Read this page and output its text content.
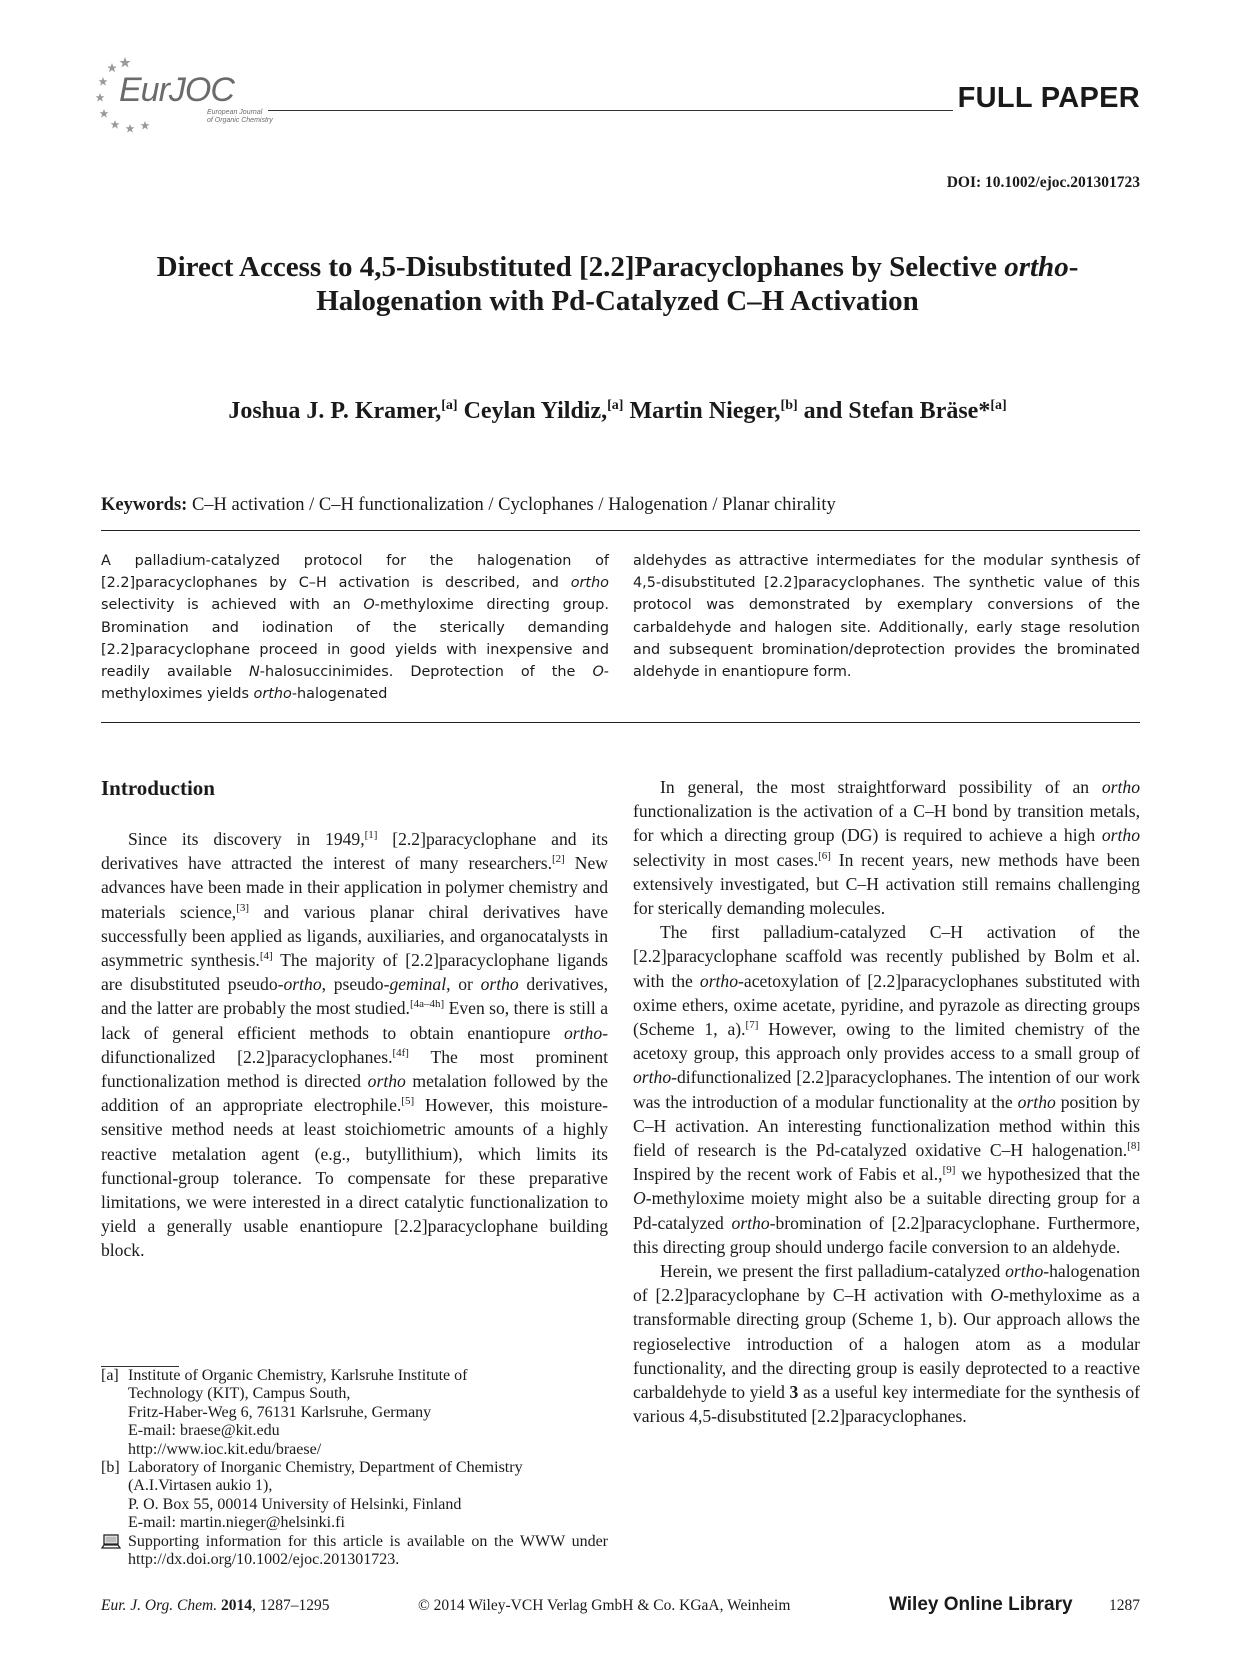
EurJOC
European Journal
of Organic Chemistry
FULL PAPER
DOI: 10.1002/ejoc.201301723
Direct Access to 4,5-Disubstituted [2.2]Paracyclophanes by Selective ortho-Halogenation with Pd-Catalyzed C–H Activation
Joshua J. P. Kramer,[a] Ceylan Yildiz,[a] Martin Nieger,[b] and Stefan Bräse*[a]
Keywords: C–H activation / C–H functionalization / Cyclophanes / Halogenation / Planar chirality

A palladium-catalyzed protocol for the halogenation of [2.2]paracyclophanes by C–H activation is described, and ortho selectivity is achieved with an O-methyloxime directing group. Bromination and iodination of the sterically demanding [2.2]paracyclophane proceed in good yields with inexpensive and readily available N-halosuccinimides. Deprotection of the O-methyloximes yields ortho-halogenated

aldehydes as attractive intermediates for the modular synthesis of 4,5-disubstituted [2.2]paracyclophanes. The synthetic value of this protocol was demonstrated by exemplary conversions of the carbaldehyde and halogen site. Additionally, early stage resolution and subsequent bromination/deprotection provides the brominated aldehyde in enantiopure form.

Introduction

Since its discovery in 1949,[1] [2.2]paracyclophane and its derivatives have attracted the interest of many researchers.[2] New advances have been made in their application in polymer chemistry and materials science,[3] and various planar chiral derivatives have successfully been applied as ligands, auxiliaries, and organocatalysts in asymmetric synthesis.[4] The majority of [2.2]paracyclophane ligands are disubstituted pseudo-ortho, pseudo-geminal, or ortho derivatives, and the latter are probably the most studied.[4a–4h] Even so, there is still a lack of general efficient methods to obtain enantiopure ortho-difunctionalized [2.2]paracyclophanes.[4f] The most prominent functionalization method is directed ortho metalation followed by the addition of an appropriate electrophile.[5] However, this moisture-sensitive method needs at least stoichiometric amounts of a highly reactive metalation agent (e.g., butyllithium), which limits its functional-group tolerance. To compensate for these preparative limitations, we were interested in a direct catalytic functionalization to yield a generally usable enantiopure [2.2]paracyclophane building block.

In general, the most straightforward possibility of an ortho functionalization is the activation of a C–H bond by transition metals, for which a directing group (DG) is required to achieve a high ortho selectivity in most cases.[6] In recent years, new methods have been extensively investigated, but C–H activation still remains challenging for sterically demanding molecules.

The first palladium-catalyzed C–H activation of the [2.2]paracyclophane scaffold was recently published by Bolm et al. with the ortho-acetoxylation of [2.2]paracyclophanes substituted with oxime ethers, oxime acetate, pyridine, and pyrazole as directing groups (Scheme 1, a).[7] However, owing to the limited chemistry of the acetoxy group, this approach only provides access to a small group of ortho-difunctionalized [2.2]paracyclophanes. The intention of our work was the introduction of a modular functionality at the ortho position by C–H activation. An interesting functionalization method within this field of research is the Pd-catalyzed oxidative C–H halogenation.[8] Inspired by the recent work of Fabis et al.,[9] we hypothesized that the O-methyloxime moiety might also be a suitable directing group for a Pd-catalyzed ortho-bromination of [2.2]paracyclophane. Furthermore, this directing group should undergo facile conversion to an aldehyde.

Herein, we present the first palladium-catalyzed ortho-halogenation of [2.2]paracyclophane by C–H activation with O-methyloxime as a transformable directing group (Scheme 1, b). Our approach allows the regioselective introduction of a halogen atom as a modular functionality, and the directing group is easily deprotected to a reactive carbaldehyde to yield 3 as a useful key intermediate for the synthesis of various 4,5-disubstituted [2.2]paracyclophanes.

[a] Institute of Organic Chemistry, Karlsruhe Institute of
Technology (KIT), Campus South,
Fritz-Haber-Weg 6, 76131 Karlsruhe, Germany
E-mail: braese@kit.edu
http://www.ioc.kit.edu/braese/
[b] Laboratory of Inorganic Chemistry, Department of Chemistry
(A.I.Virtasen aukio 1),
P. O. Box 55, 00014 University of Helsinki, Finland
E-mail: martin.nieger@helsinki.fi
Supporting information for this article is available on the WWW under http://dx.doi.org/10.1002/ejoc.201301723.
Eur. J. Org. Chem. 2014, 1287–1295	© 2014 Wiley-VCH Verlag GmbH & Co. KGaA, Weinheim	Wiley Online Library 1287
